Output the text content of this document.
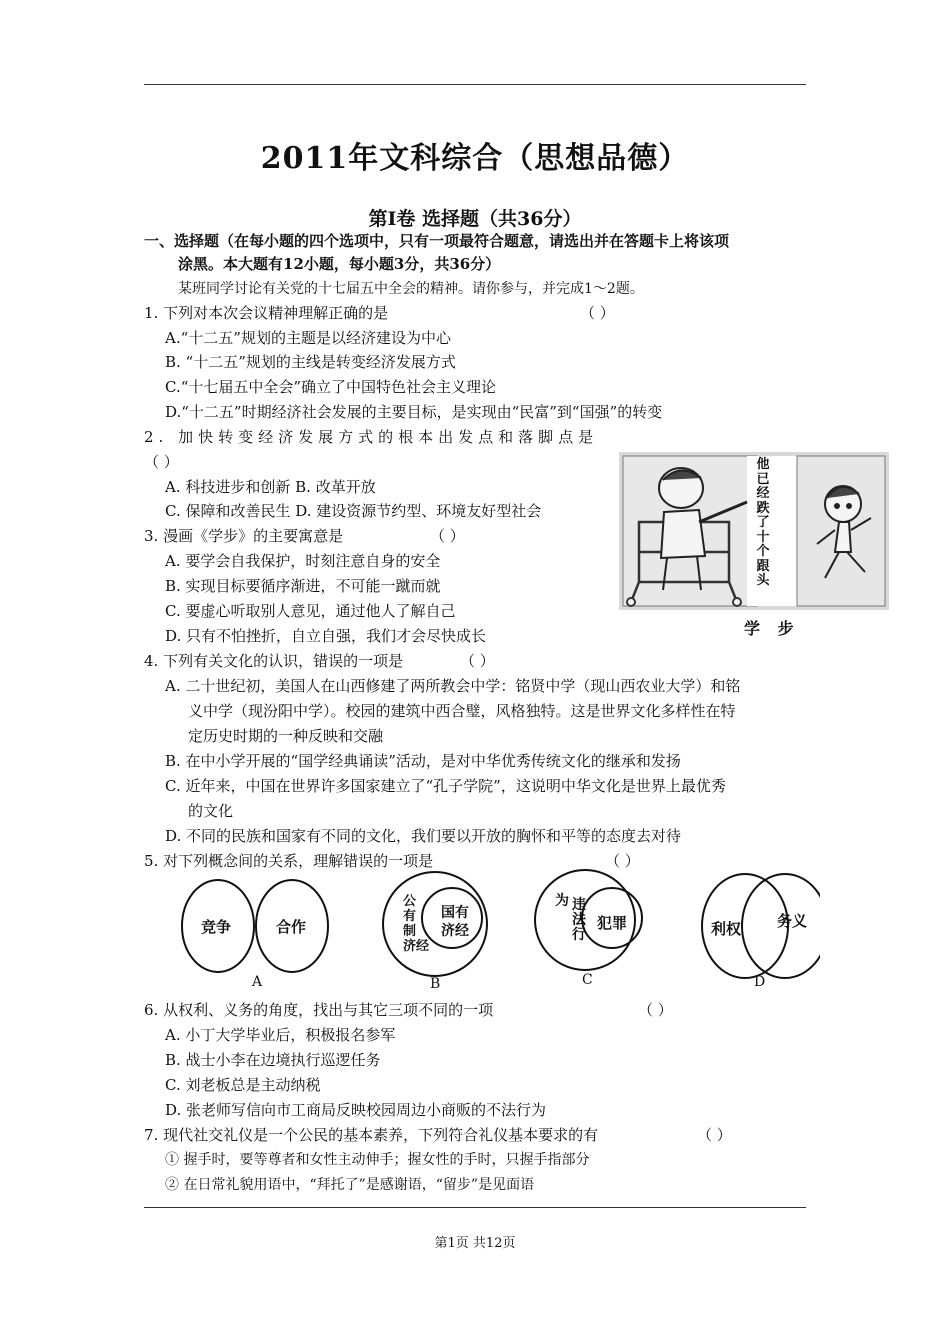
2011年文科综合（思想品德）
第Ⅰ卷 选择题（共36分）
一、选择题（在每小题的四个选项中，只有一项最符合题意，请选出并在答题卡上将该项
涂黑。本大题有12小题，每小题3分，共36分）
某班同学讨论有关党的十七届五中全会的精神。请你参与，并完成1～2题。
1. 下列对本次会议精神理解正确的是	（ ）
A.“十二五”规划的主题是以经济建设为中心
B. “十二五”规划的主线是转变经济发展方式
C.“十七届五中全会”确立了中国特色社会主义理论
D.“十二五”时期经济社会发展的主要目标，是实现由“民富”到“国强”的转变
2. 加快转变经济发展方式的根本出发点和落脚点是
（ ）
A. 科技进步和创新 B. 改革开放
C. 保障和改善民生 D. 建设资源节约型、环境友好型社会
3. 漫画《学步》的主要寓意是	（ ）
A. 要学会自我保护，时刻注意自身的安全
B. 实现目标要循序渐进，不可能一蹴而就
C. 要虚心听取别人意见，通过他人了解自己
D. 只有不怕挫折，自立自强，我们才会尽快成长
他
已
经
跌
了
十
个
跟
头
学 步
4. 下列有关文化的认识，错误的一项是	（ ）
A. 二十世纪初，美国人在山西修建了两所教会中学：铭贤中学（现山西农业大学）和铭
义中学（现汾阳中学）。校园的建筑中西合璧，风格独特。这是世界文化多样性在特
定历史时期的一种反映和交融
B. 在中小学开展的“国学经典诵读”活动，是对中华优秀传统文化的继承和发扬
C. 近年来，中国在世界许多国家建立了“孔子学院”，这说明中华文化是世界上最优秀
的文化
D. 不同的民族和国家有不同的文化，我们要以开放的胸怀和平等的态度去对待
5. 对下列概念间的关系，理解错误的一项是	（ ）
竞争	合作
A
公
有
制
济经
国有
济经
B
为 违
法
行
犯罪
C
利权 务义
D
6. 从权利、义务的角度，找出与其它三项不同的一项	（ ）
A. 小丁大学毕业后，积极报名参军
B. 战士小李在边境执行巡逻任务
C. 刘老板总是主动纳税
D. 张老师写信向市工商局反映校园周边小商贩的不法行为
7. 现代社交礼仪是一个公民的基本素养，下列符合礼仪基本要求的有	（ ）
① 握手时，要等尊者和女性主动伸手；握女性的手时，只握手指部分
② 在日常礼貌用语中，“拜托了”是感谢语，“留步”是见面语
第1页 共12页
